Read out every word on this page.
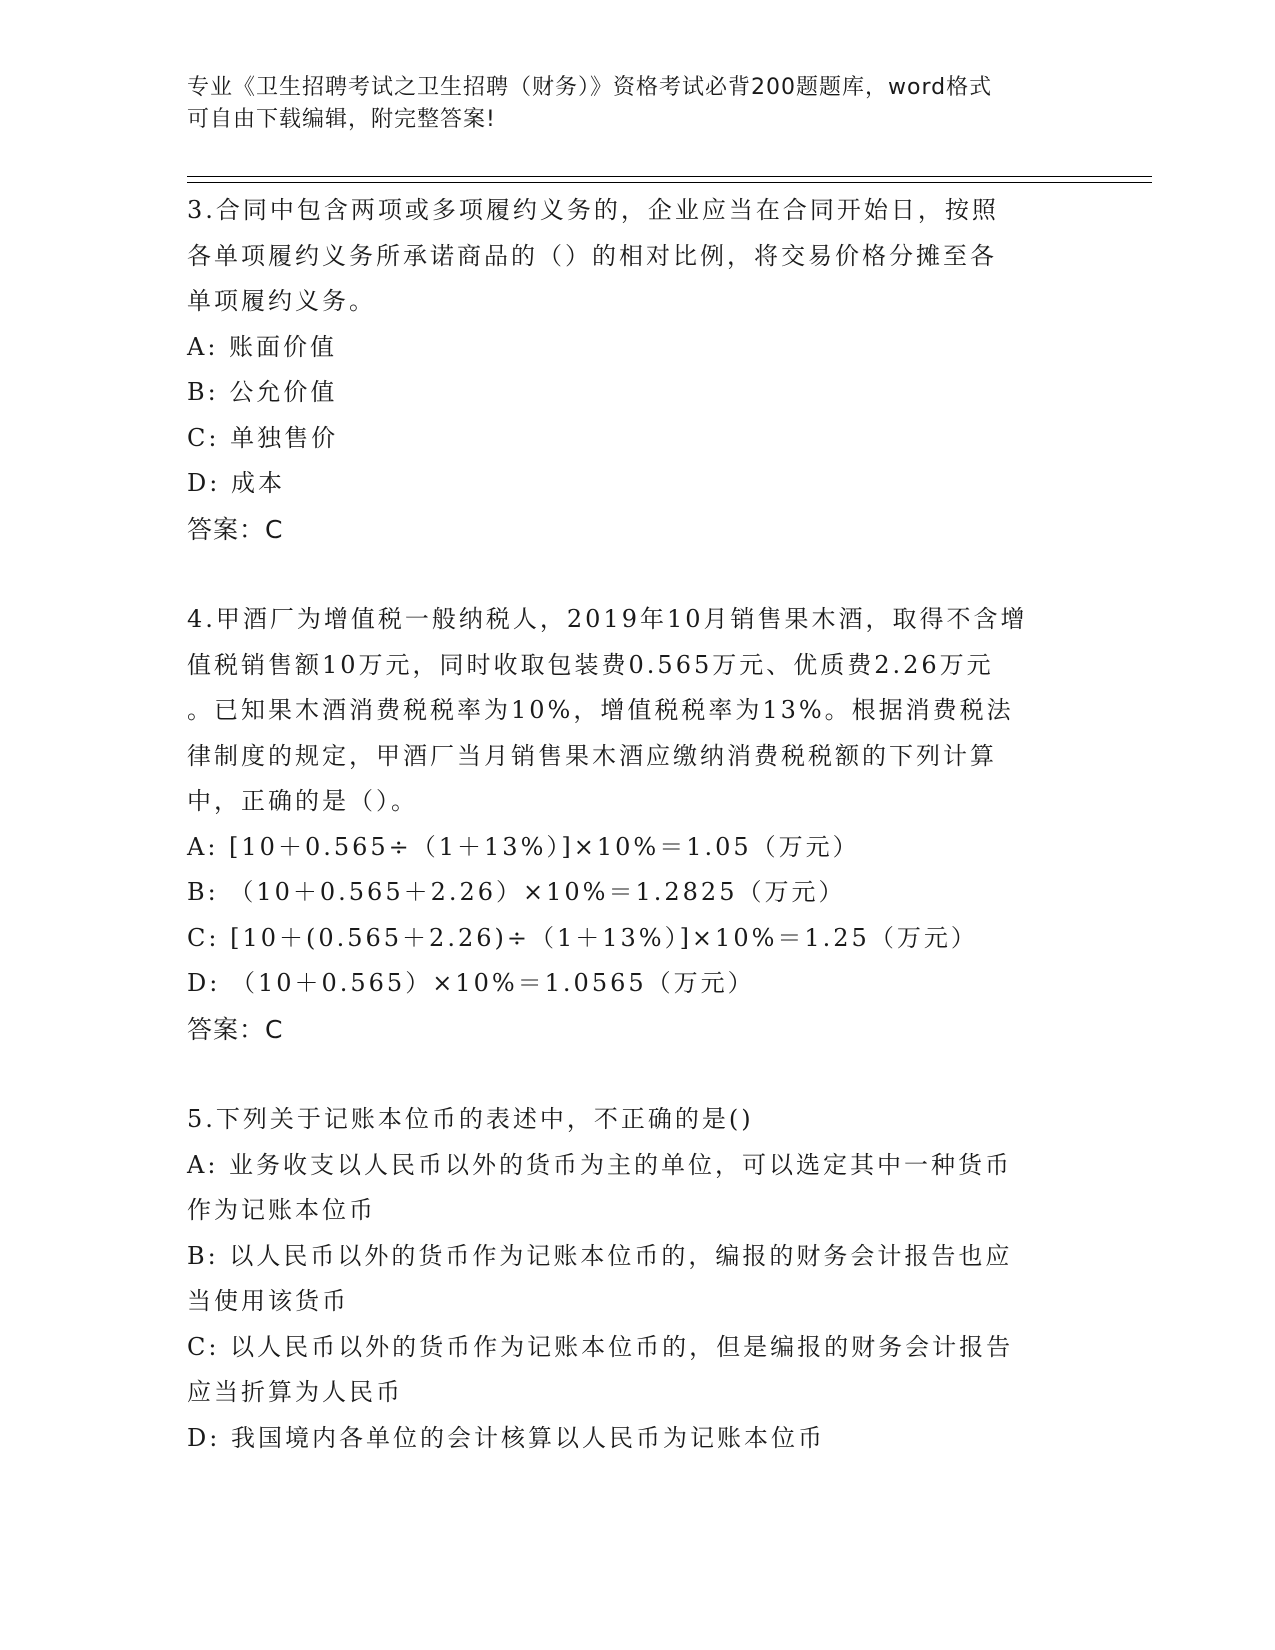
专业《卫生招聘考试之卫生招聘（财务）》资格考试必背200题题库，word格式
可自由下载编辑，附完整答案!
3.合同中包含两项或多项履约义务的，企业应当在合同开始日，按照
各单项履约义务所承诺商品的（）的相对比例，将交易价格分摊至各
单项履约义务。
A: 账面价值
B: 公允价值
C: 单独售价
D: 成本
答案：C
4.甲酒厂为增值税一般纳税人，2019年10月销售果木酒，取得不含增
值税销售额10万元，同时收取包装费0.565万元、优质费2.26万元
。已知果木酒消费税税率为10%，增值税税率为13%。根据消费税法
律制度的规定，甲酒厂当月销售果木酒应缴纳消费税税额的下列计算
中，正确的是（）。
A: [10＋0.565÷（1＋13%）]×10%＝1.05（万元）
B: （10＋0.565＋2.26）×10%＝1.2825（万元）
C: [10＋(0.565＋2.26)÷（1＋13%）]×10%＝1.25（万元）
D: （10＋0.565）×10%＝1.0565（万元）
答案：C
5.下列关于记账本位币的表述中，不正确的是()
A: 业务收支以人民币以外的货币为主的单位，可以选定其中一种货币
作为记账本位币
B: 以人民币以外的货币作为记账本位币的，编报的财务会计报告也应
当使用该货币
C: 以人民币以外的货币作为记账本位币的，但是编报的财务会计报告
应当折算为人民币
D: 我国境内各单位的会计核算以人民币为记账本位币
